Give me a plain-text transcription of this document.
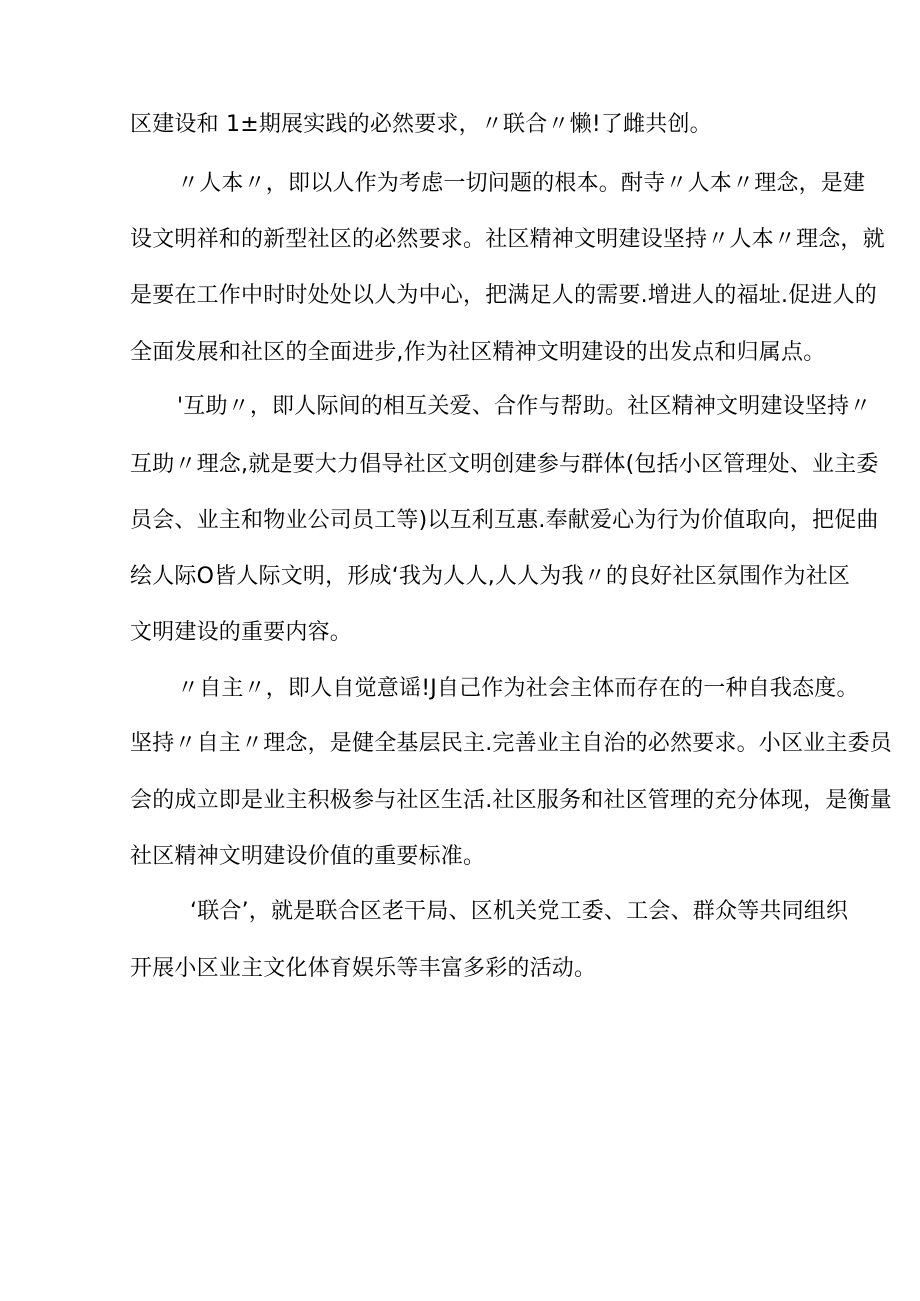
区建设和 1±期展实践的必然要求，〃联合〃懒!了雌共创。
〃人本〃，即以人作为考虑一切问题的根本。酎寺〃人本〃理念，是建
设文明祥和的新型社区的必然要求。社区精神文明建设坚持〃人本〃理念，就
是要在工作中时时处处以人为中心，把满足人的需要.增进人的福址.促进人的
全面发展和社区的全面进步,作为社区精神文明建设的出发点和归属点。
'互助〃，即人际间的相互关爱、合作与帮助。社区精神文明建设坚持〃
互助〃理念,就是要大力倡导社区文明创建参与群体(包括小区管理处、业主委
员会、业主和物业公司员工等)以互利互惠.奉献爱心为行为价值取向，把促曲
绘人际O皆人际文明，形成‘我为人人,人人为我〃的良好社区氛围作为社区
文明建设的重要内容。
〃自主〃，即人自觉意谣!J自己作为社会主体而存在的一种自我态度。
坚持〃自主〃理念，是健全基层民主.完善业主自治的必然要求。小区业主委员
会的成立即是业主积极参与社区生活.社区服务和社区管理的充分体现，是衡量
社区精神文明建设价值的重要标准。
‘联合’，就是联合区老干局、区机关党工委、工会、群众等共同组织
开展小区业主文化体育娱乐等丰富多彩的活动。
